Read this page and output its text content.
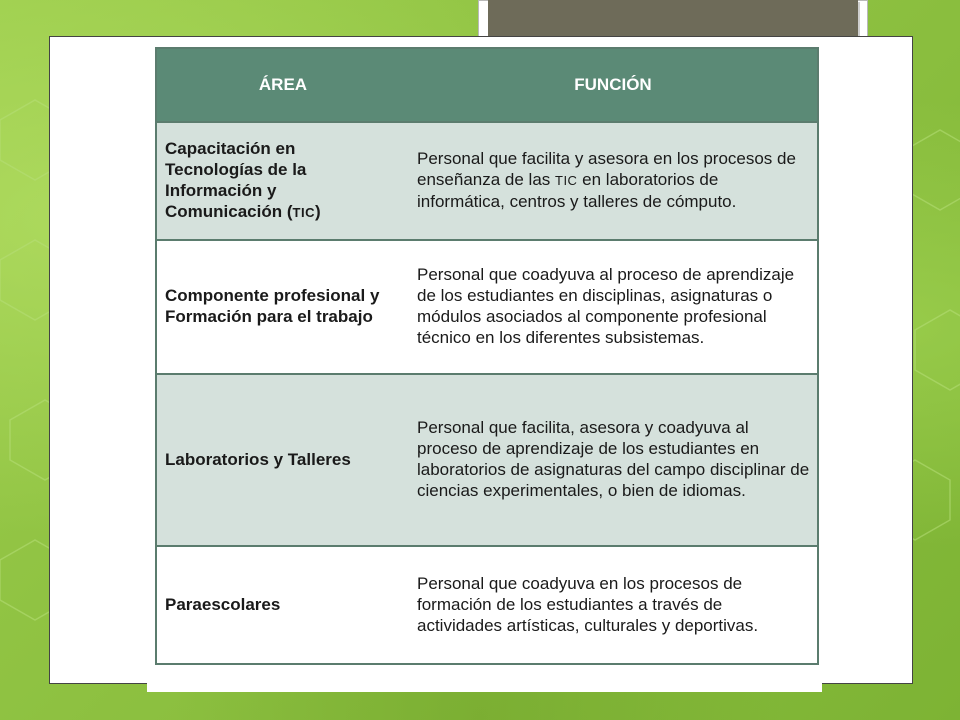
ÁREA	FUNCIÓN
Capacitación en
Tecnologías de la
Información y
Comunicación (TIC)	Personal que facilita y asesora en los procesos de enseñanza de las TIC en laboratorios de informática, centros y talleres de cómputo.
Componente profesional y Formación para el trabajo	Personal que coadyuva al proceso de aprendizaje de los estudiantes en disciplinas, asignaturas o módulos asociados al componente profesional técnico en los diferentes subsistemas.
Laboratorios y Talleres	Personal que facilita, asesora y coadyuva al proceso de aprendizaje de los estudiantes en laboratorios de asignaturas del campo disciplinar de ciencias experimentales, o bien de idiomas.
Paraescolares	Personal que coadyuva en los procesos de formación de los estudiantes a través de actividades artísticas, culturales y deportivas.
